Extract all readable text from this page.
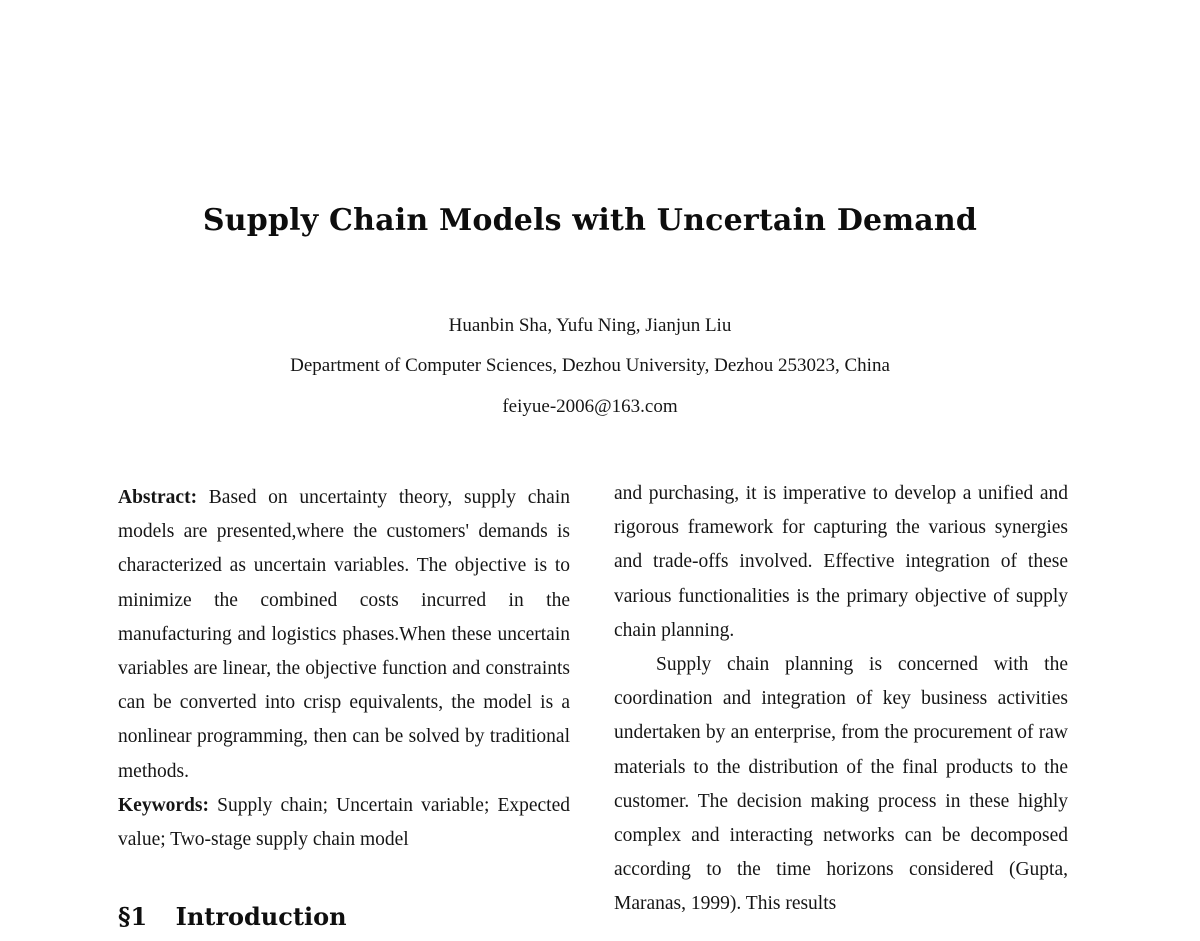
Supply Chain Models with Uncertain Demand
Huanbin Sha, Yufu Ning, Jianjun Liu
Department of Computer Sciences, Dezhou University, Dezhou 253023, China
feiyue-2006@163.com

Abstract: Based on uncertainty theory, supply chain models are presented,where the customers' demands is characterized as uncertain variables. The objective is to minimize the combined costs incurred in the manufacturing and logistics phases.When these uncertain variables are linear, the objective function and constraints can be converted into crisp equivalents, the model is a nonlinear programming, then can be solved by traditional methods.

Keywords: Supply chain; Uncertain variable; Expected value; Two-stage supply chain model

and purchasing, it is imperative to develop a unified and rigorous framework for capturing the various synergies and trade-offs involved. Effective integration of these various functionalities is the primary objective of supply chain planning.

Supply chain planning is concerned with the coordination and integration of key business activities undertaken by an enterprise, from the procurement of raw materials to the distribution of the final products to the customer. The decision making process in these highly complex and interacting networks can be decomposed according to the time horizons considered (Gupta, Maranas, 1999). This results

§1 Introduction
